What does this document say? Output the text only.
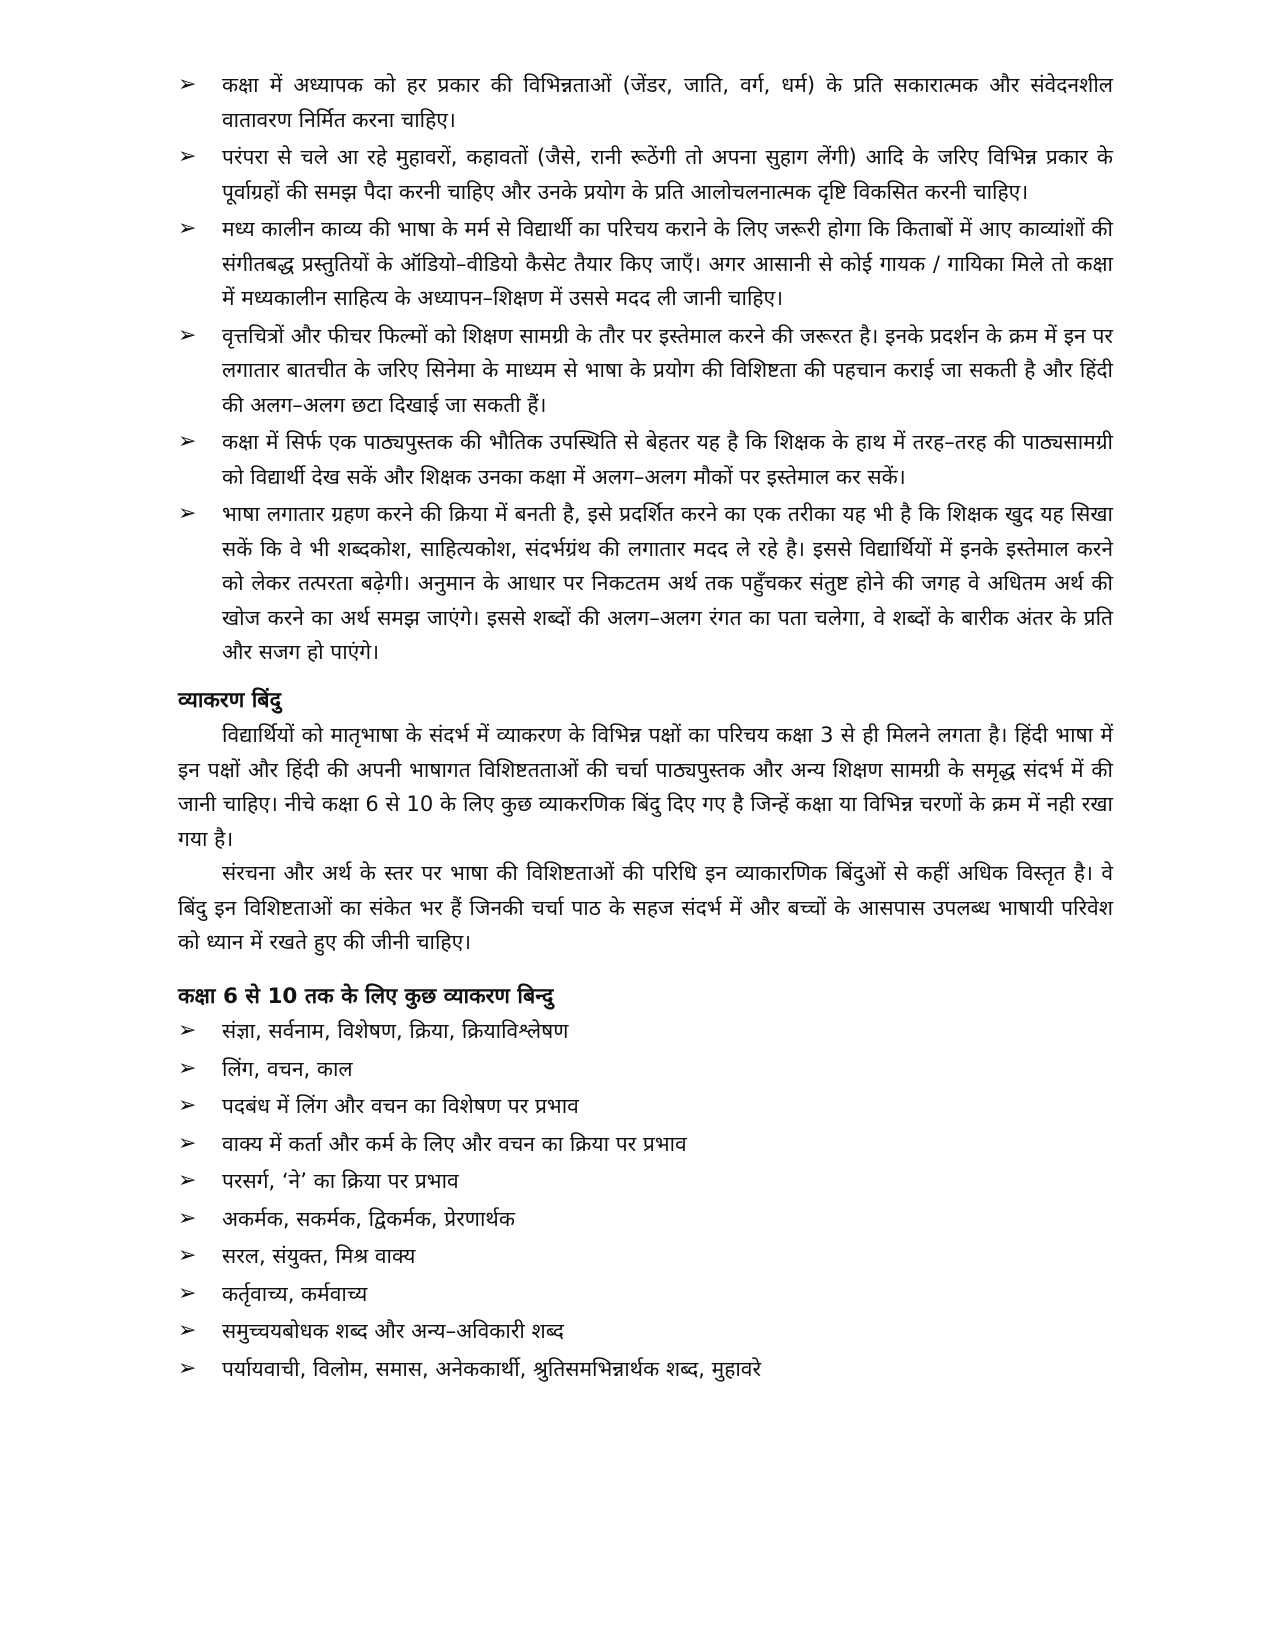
➢ कक्षा में अध्यापक को हर प्रकार की विभिन्नताओं (जेंडर, जाति, वर्ग, धर्म) के प्रति सकारात्मक और संवेदनशील वातावरण निर्मित करना चाहिए।
➢ परंपरा से चले आ रहे मुहावरों, कहावतों (जैसे, रानी रूठेंगी तो अपना सुहाग लेंगी) आदि के जरिए विभिन्न प्रकार के पूर्वाग्रहों की समझ पैदा करनी चाहिए और उनके प्रयोग के प्रति आलोचलनात्मक दृष्टि विकसित करनी चाहिए।
➢ मध्य कालीन काव्य की भाषा के मर्म से विद्यार्थी का परिचय कराने के लिए जरूरी होगा कि किताबों में आए काव्यांशों की संगीतबद्ध प्रस्तुतियों के ऑडियो–वीडियो कैसेट तैयार किए जाएँ। अगर आसानी से कोई गायक / गायिका मिले तो कक्षा में मध्यकालीन साहित्य के अध्यापन–शिक्षण में उससे मदद ली जानी चाहिए।
➢ वृत्तचित्रों और फीचर फिल्मों को शिक्षण सामग्री के तौर पर इस्तेमाल करने की जरूरत है। इनके प्रदर्शन के क्रम में इन पर लगातार बातचीत के जरिए सिनेमा के माध्यम से भाषा के प्रयोग की विशिष्टता की पहचान कराई जा सकती है और हिंदी की अलग–अलग छटा दिखाई जा सकती हैं।
➢ कक्षा में सिर्फ एक पाठ्यपुस्तक की भौतिक उपस्थिति से बेहतर यह है कि शिक्षक के हाथ में तरह–तरह की पाठ्यसामग्री को विद्यार्थी देख सकें और शिक्षक उनका कक्षा में अलग–अलग मौकों पर इस्तेमाल कर सकें।
➢ भाषा लगातार ग्रहण करने की क्रिया में बनती है, इसे प्रदर्शित करने का एक तरीका यह भी है कि शिक्षक खुद यह सिखा सकें कि वे भी शब्दकोश, साहित्यकोश, संदर्भग्रंथ की लगातार मदद ले रहे है। इससे विद्यार्थियों में इनके इस्तेमाल करने को लेकर तत्परता बढ़ेगी। अनुमान के आधार पर निकटतम अर्थ तक पहुँचकर संतुष्ट होने की जगह वे अधितम अर्थ की खोज करने का अर्थ समझ जाएंगे। इससे शब्दों की अलग–अलग रंगत का पता चलेगा, वे शब्दों के बारीक अंतर के प्रति और सजग हो पाएंगे।
व्याकरण बिंदु

विद्यार्थियों को मातृभाषा के संदर्भ में व्याकरण के विभिन्न पक्षों का परिचय कक्षा 3 से ही मिलने लगता है। हिंदी भाषा में इन पक्षों और हिंदी की अपनी भाषागत विशिष्टतताओं की चर्चा पाठ्यपुस्तक और अन्य शिक्षण सामग्री के समृद्ध संदर्भ में की जानी चाहिए। नीचे कक्षा 6 से 10 के लिए कुछ व्याकरणिक बिंदु दिए गए है जिन्हें कक्षा या विभिन्न चरणों के क्रम में नही रखा गया है।

संरचना और अर्थ के स्तर पर भाषा की विशिष्टताओं की परिधि इन व्याकारणिक बिंदुओं से कहीं अधिक विस्तृत है। वे बिंदु इन विशिष्टताओं का संकेत भर हैं जिनकी चर्चा पाठ के सहज संदर्भ में और बच्चों के आसपास उपलब्ध भाषायी परिवेश को ध्यान में रखते हुए की जीनी चाहिए।

कक्षा 6 से 10 तक के लिए कुछ व्याकरण बिन्दु
➢ संज्ञा, सर्वनाम, विशेषण, क्रिया, क्रियाविश्लेषण
➢ लिंग, वचन, काल
➢ पदबंध में लिंग और वचन का विशेषण पर प्रभाव
➢ वाक्य में कर्ता और कर्म के लिए और वचन का क्रिया पर प्रभाव
➢ परसर्ग, ‘ने’ का क्रिया पर प्रभाव
➢ अकर्मक, सकर्मक, द्विकर्मक, प्रेरणार्थक
➢ सरल, संयुक्त, मिश्र वाक्य
➢ कर्तृवाच्य, कर्मवाच्य
➢ समुच्चयबोधक शब्द और अन्य–अविकारी शब्द
➢ पर्यायवाची, विलोम, समास, अनेककार्थी, श्रुतिसमभिन्नार्थक शब्द, मुहावरे
